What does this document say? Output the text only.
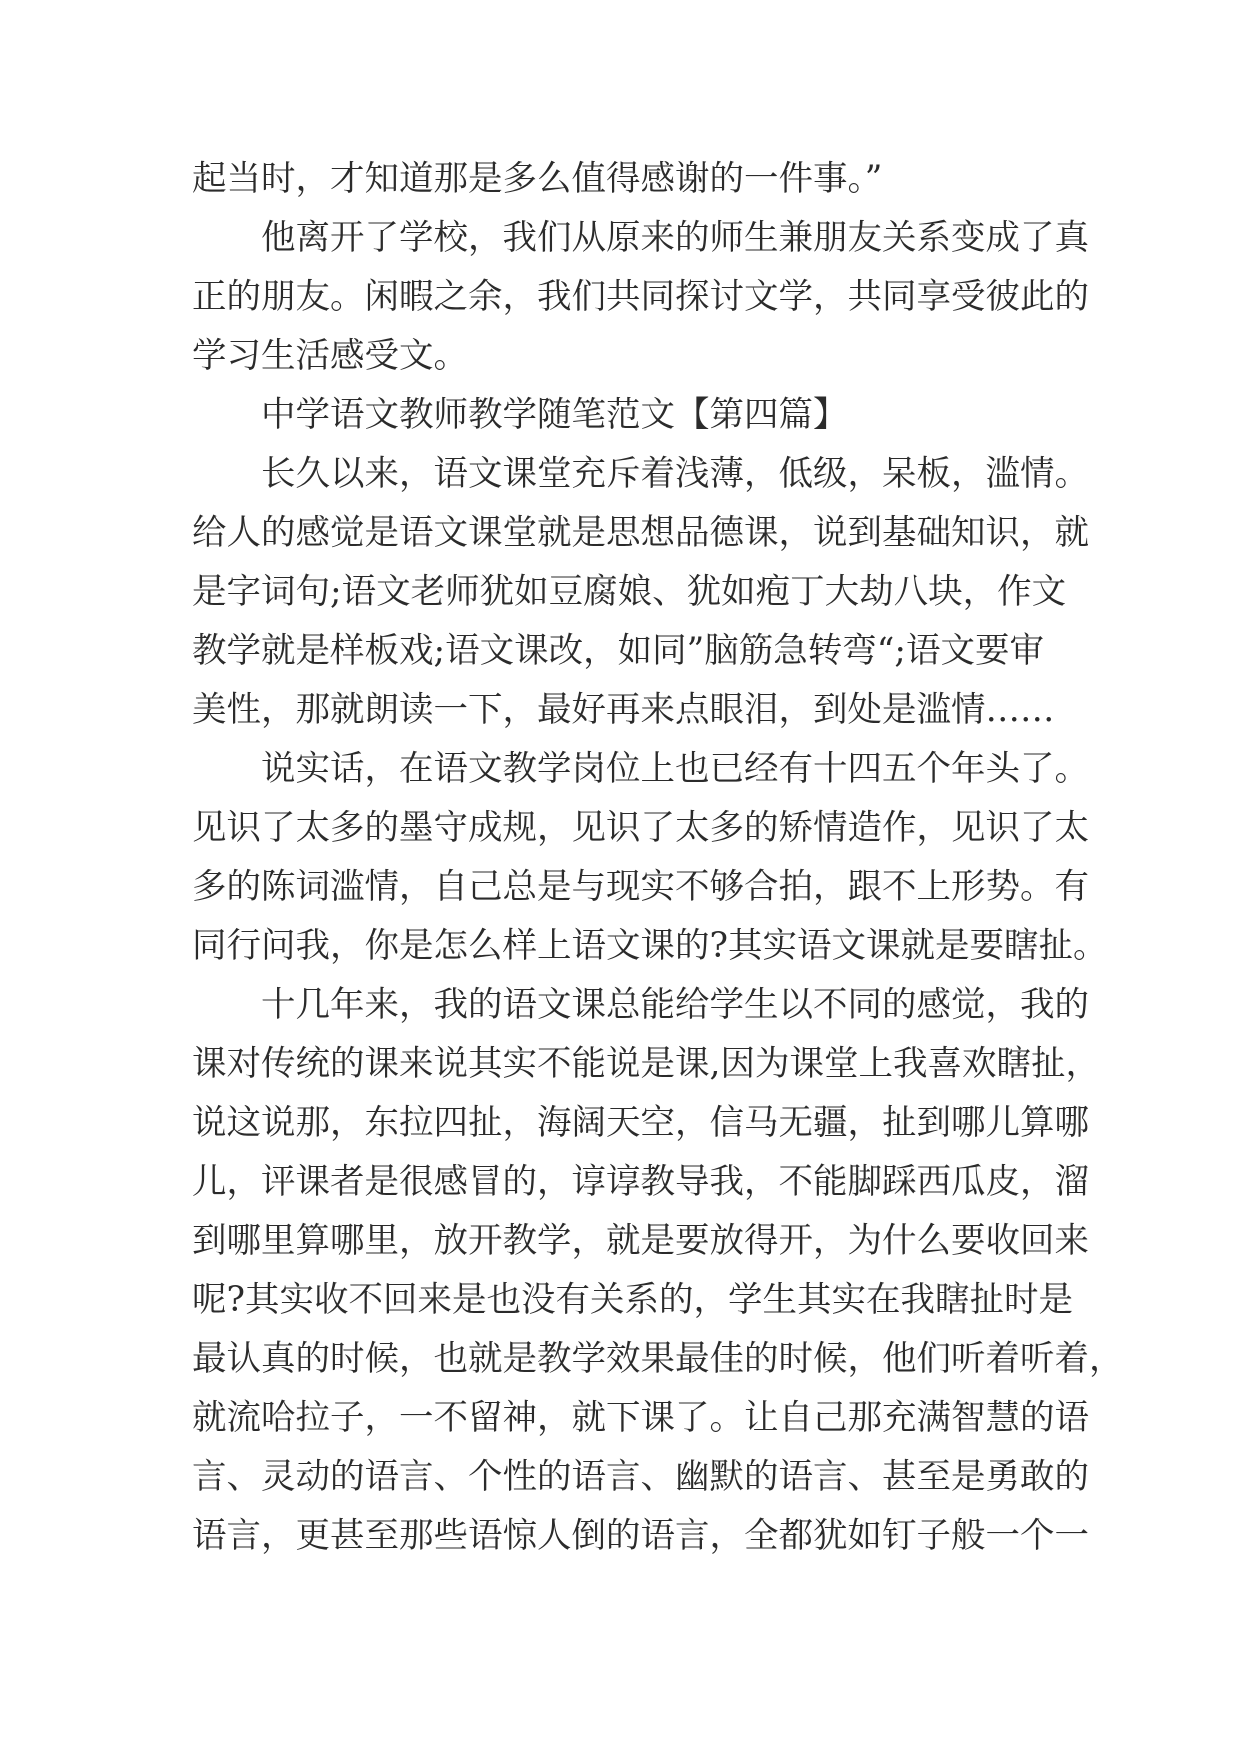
起当时，才知道那是多么值得感谢的一件事。”
他离开了学校，我们从原来的师生兼朋友关系变成了真
正的朋友。闲暇之余，我们共同探讨文学，共同享受彼此的
学习生活感受文。
中学语文教师教学随笔范文【第四篇】
长久以来，语文课堂充斥着浅薄，低级，呆板，滥情。
给人的感觉是语文课堂就是思想品德课，说到基础知识，就
是字词句;语文老师犹如豆腐娘、犹如疱丁大劫八块，作文
教学就是样板戏;语文课改，如同”脑筋急转弯“;语文要审
美性，那就朗读一下，最好再来点眼泪，到处是滥情……
说实话，在语文教学岗位上也已经有十四五个年头了。
见识了太多的墨守成规，见识了太多的矫情造作，见识了太
多的陈词滥情，自己总是与现实不够合拍，跟不上形势。有
同行问我，你是怎么样上语文课的?其实语文课就是要瞎扯。
十几年来，我的语文课总能给学生以不同的感觉，我的
课对传统的课来说其实不能说是课,因为课堂上我喜欢瞎扯，
说这说那，东拉四扯，海阔天空，信马无疆，扯到哪儿算哪
儿，评课者是很感冒的，谆谆教导我，不能脚踩西瓜皮，溜
到哪里算哪里，放开教学，就是要放得开，为什么要收回来
呢?其实收不回来是也没有关系的，学生其实在我瞎扯时是
最认真的时候，也就是教学效果最佳的时候，他们听着听着，
就流哈拉子，一不留神，就下课了。让自己那充满智慧的语
言、灵动的语言、个性的语言、幽默的语言、甚至是勇敢的
语言，更甚至那些语惊人倒的语言，全都犹如钉子般一个一
